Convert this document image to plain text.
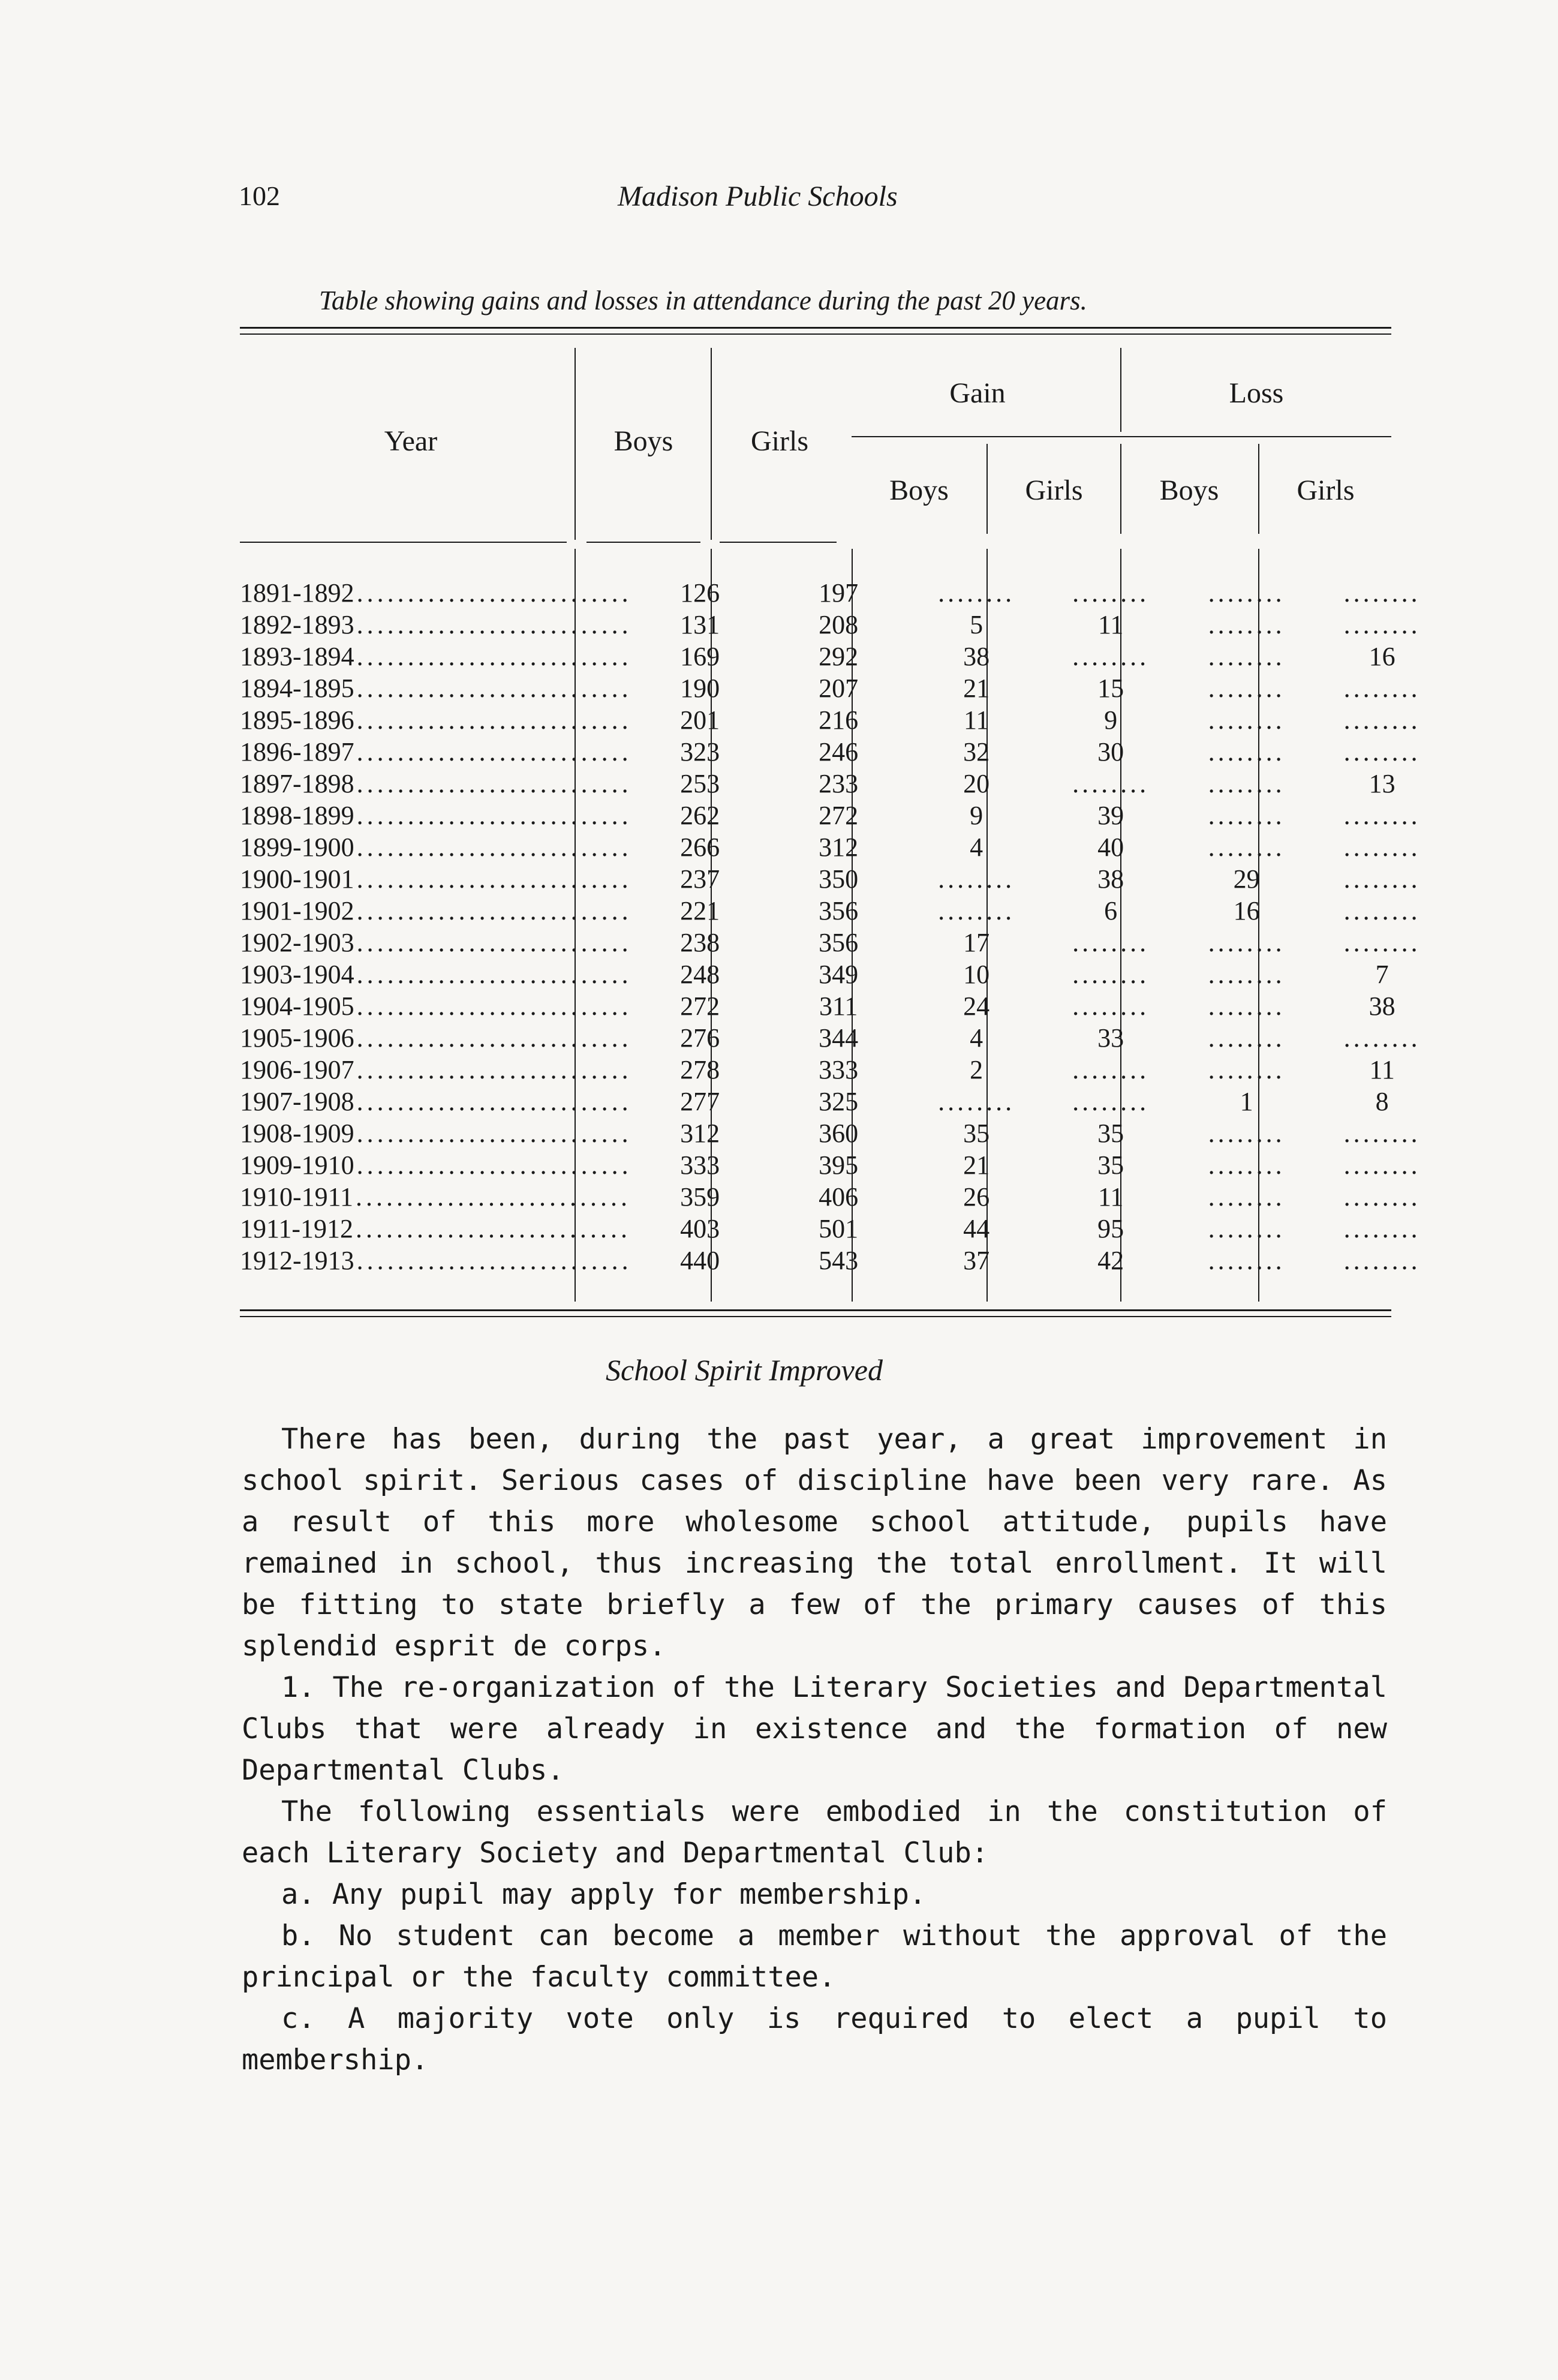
102	Madison Public Schools
Table showing gains and losses in attendance during the past 20 years.
Year	Boys	Girls
Gain	Loss
Boys	Girls	Boys	Girls
1891-1892...........................	126	197	........	........	........	........
1892-1893...........................	131	208	5	11	........	........
1893-1894...........................	169	292	38	........	........	16
1894-1895...........................	190	207	21	15	........	........
1895-1896...........................	201	216	11	9	........	........
1896-1897...........................	323	246	32	30	........	........
1897-1898...........................	253	233	20	........	........	13
1898-1899...........................	262	272	9	39	........	........
1899-1900...........................	266	312	4	40	........	........
1900-1901...........................	237	350	........	38	29	........
1901-1902...........................	221	356	........	6	16	........
1902-1903...........................	238	356	17	........	........	........
1903-1904...........................	248	349	10	........	........	7
1904-1905...........................	272	311	24	........	........	38
1905-1906...........................	276	344	4	33	........	........
1906-1907...........................	278	333	2	........	........	11
1907-1908...........................	277	325	........	........	1	8
1908-1909...........................	312	360	35	35	........	........
1909-1910...........................	333	395	21	35	........	........
1910-1911...........................	359	406	26	11	........	........
1911-1912...........................	403	501	44	95	........	........
1912-1913...........................	440	543	37	42	........	........
School Spirit Improved

There has been, during the past year, a great improvement in school spirit. Serious cases of discipline have been very rare. As a result of this more wholesome school attitude, pupils have remained in school, thus increasing the total enrollment. It will be fitting to state briefly a few of the primary causes of this splendid esprit de corps.

1. The re-organization of the Literary Societies and Departmental Clubs that were already in existence and the formation of new Departmental Clubs.

The following essentials were embodied in the constitution of each Literary Society and Departmental Club:

a. Any pupil may apply for membership.

b. No student can become a member without the approval of the principal or the faculty committee.

c. A majority vote only is required to elect a pupil to membership.
